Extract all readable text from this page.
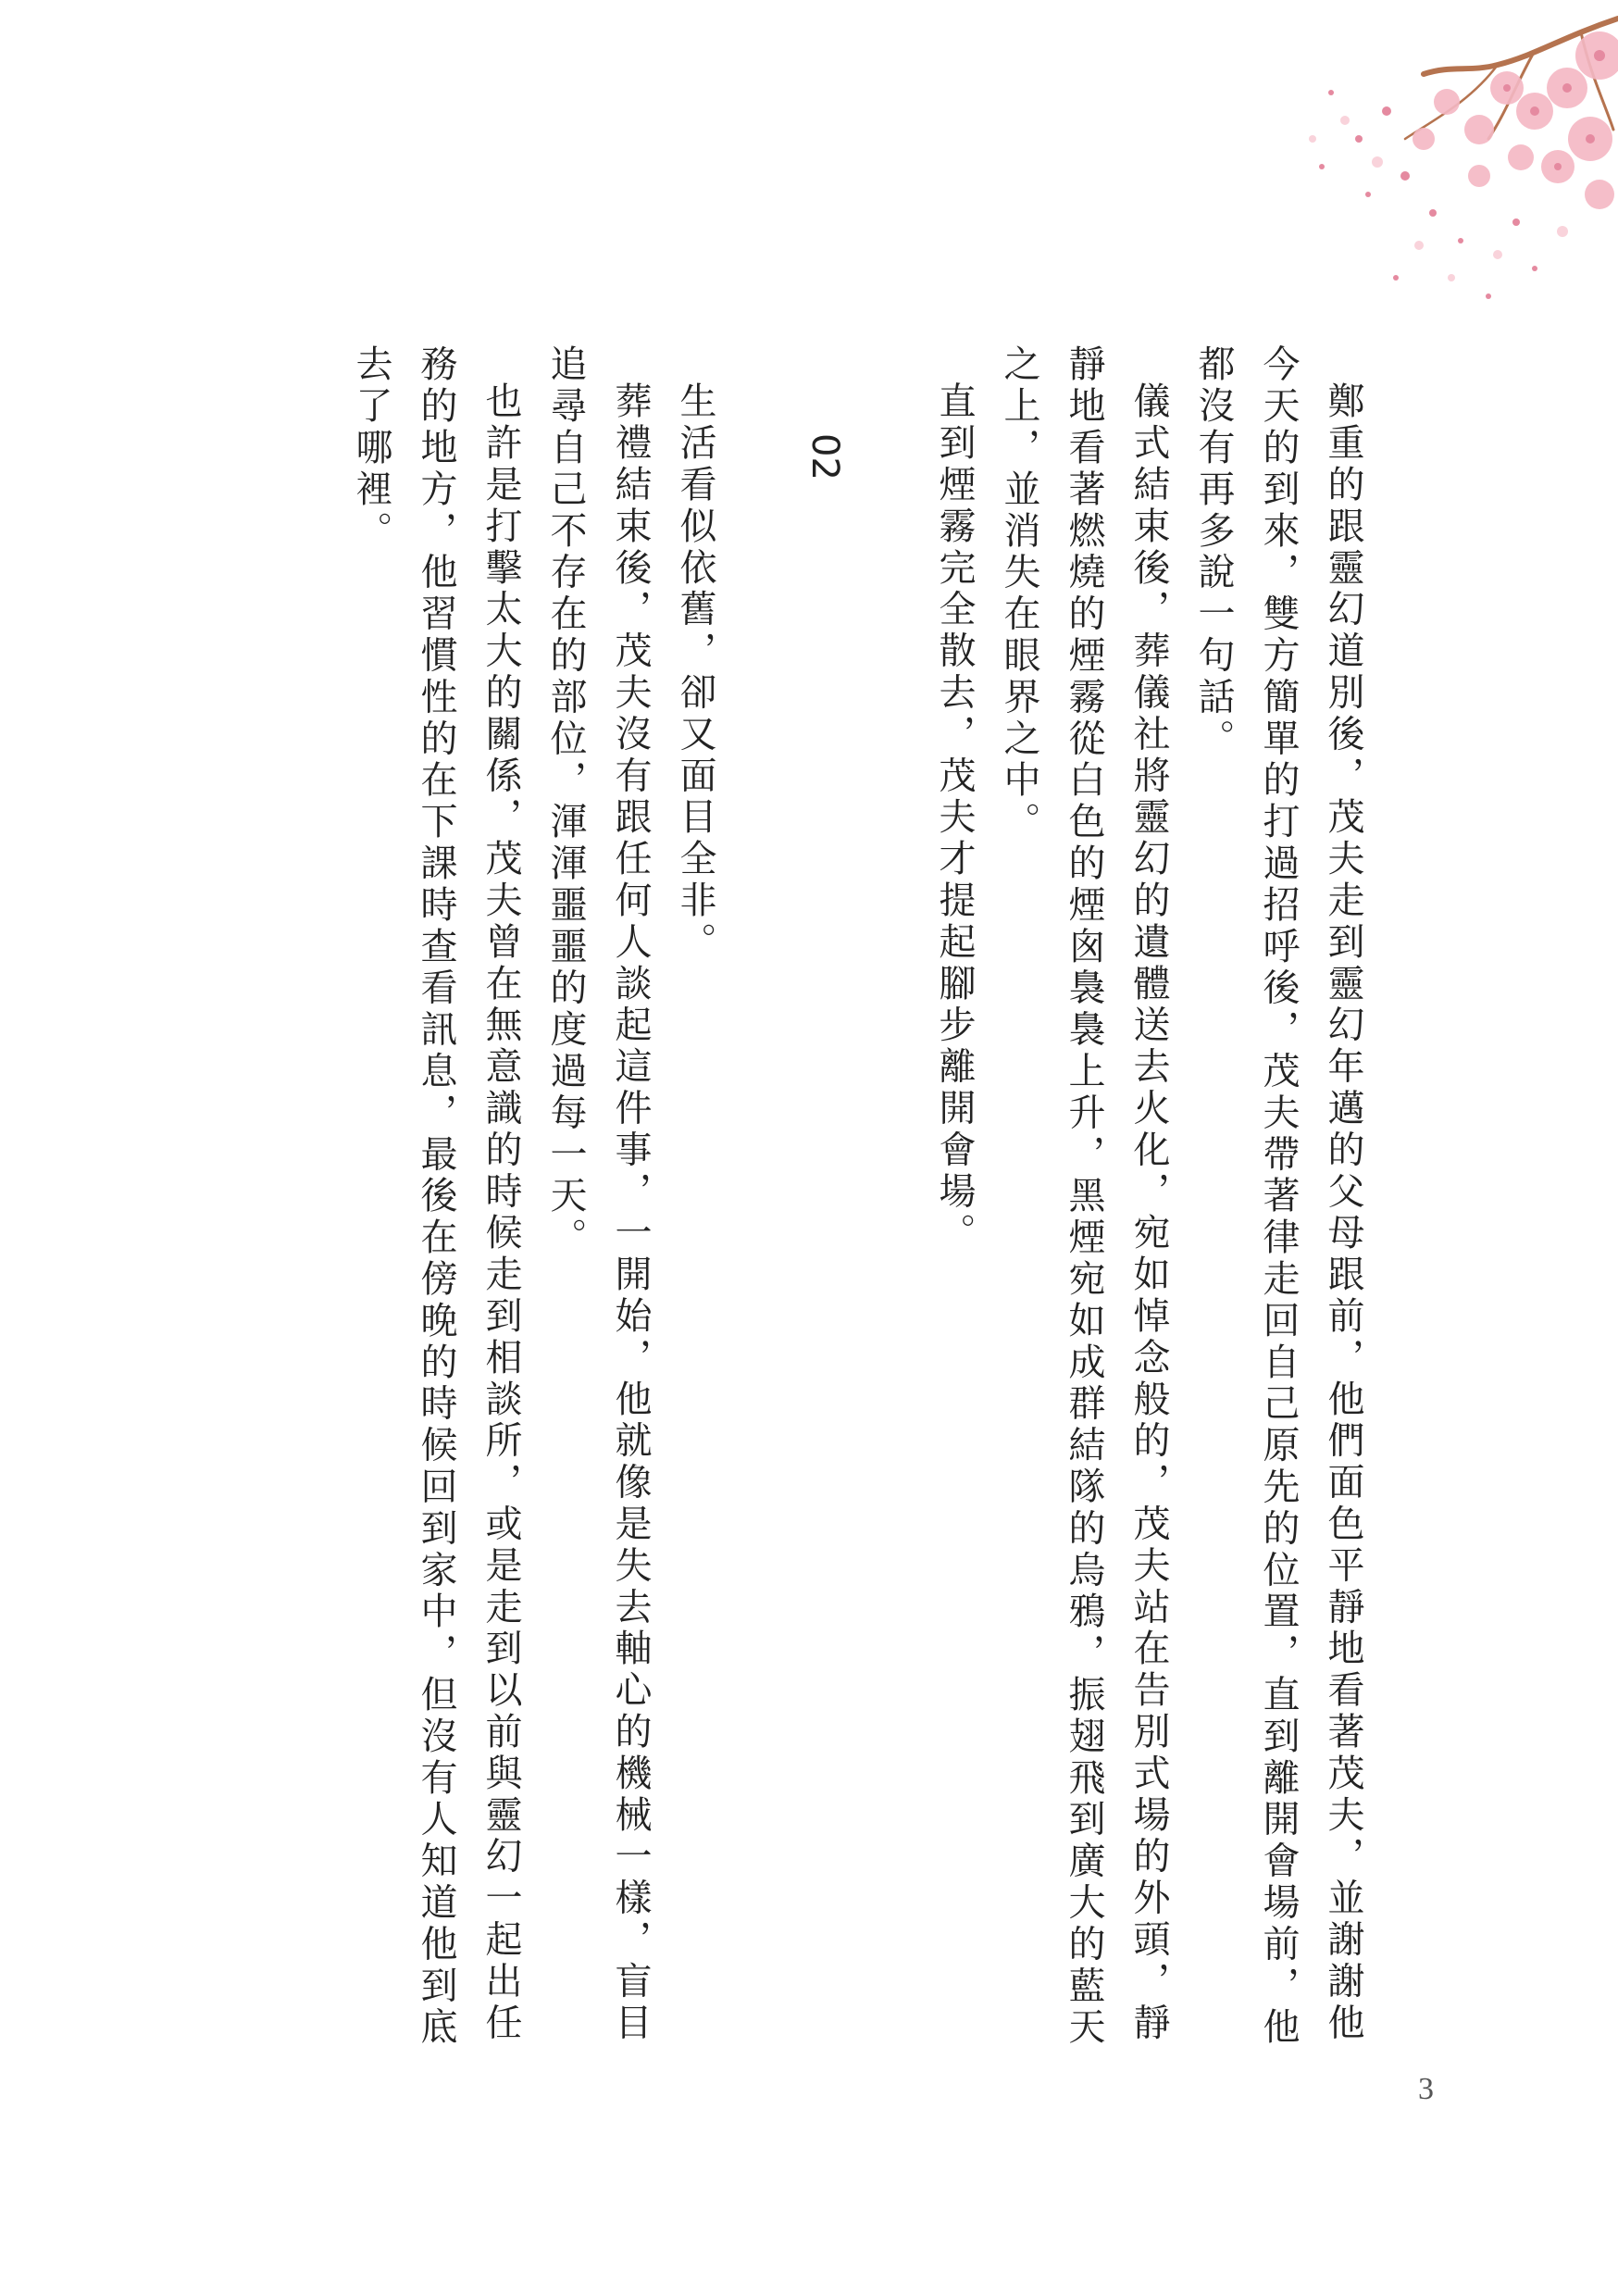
鄭重的跟靈幻道別後，茂夫走到靈幻年邁的父母跟前，他們面色平靜地看著茂夫，並謝謝他今天的到來，雙方簡單的打過招呼後，茂夫帶著律走回自己原先的位置，直到離開會場前，他都沒有再多說一句話。

儀式結束後，葬儀社將靈幻的遺體送去火化，宛如悼念般的，茂夫站在告別式場的外頭，靜靜地看著燃燒的煙霧從白色的煙囪裊裊上升，黑煙宛如成群結隊的烏鴉，振翅飛到廣大的藍天之上，並消失在眼界之中。

直到煙霧完全散去，茂夫才提起腳步離開會場。

02

生活看似依舊，卻又面目全非。

葬禮結束後，茂夫沒有跟任何人談起這件事，一開始，他就像是失去軸心的機械一樣，盲目追尋自己不存在的部位，渾渾噩噩的度過每一天。

也許是打擊太大的關係，茂夫曾在無意識的時候走到相談所，或是走到以前與靈幻一起出任務的地方，他習慣性的在下課時查看訊息，最後在傍晚的時候回到家中，但沒有人知道他到底去了哪裡。

3
